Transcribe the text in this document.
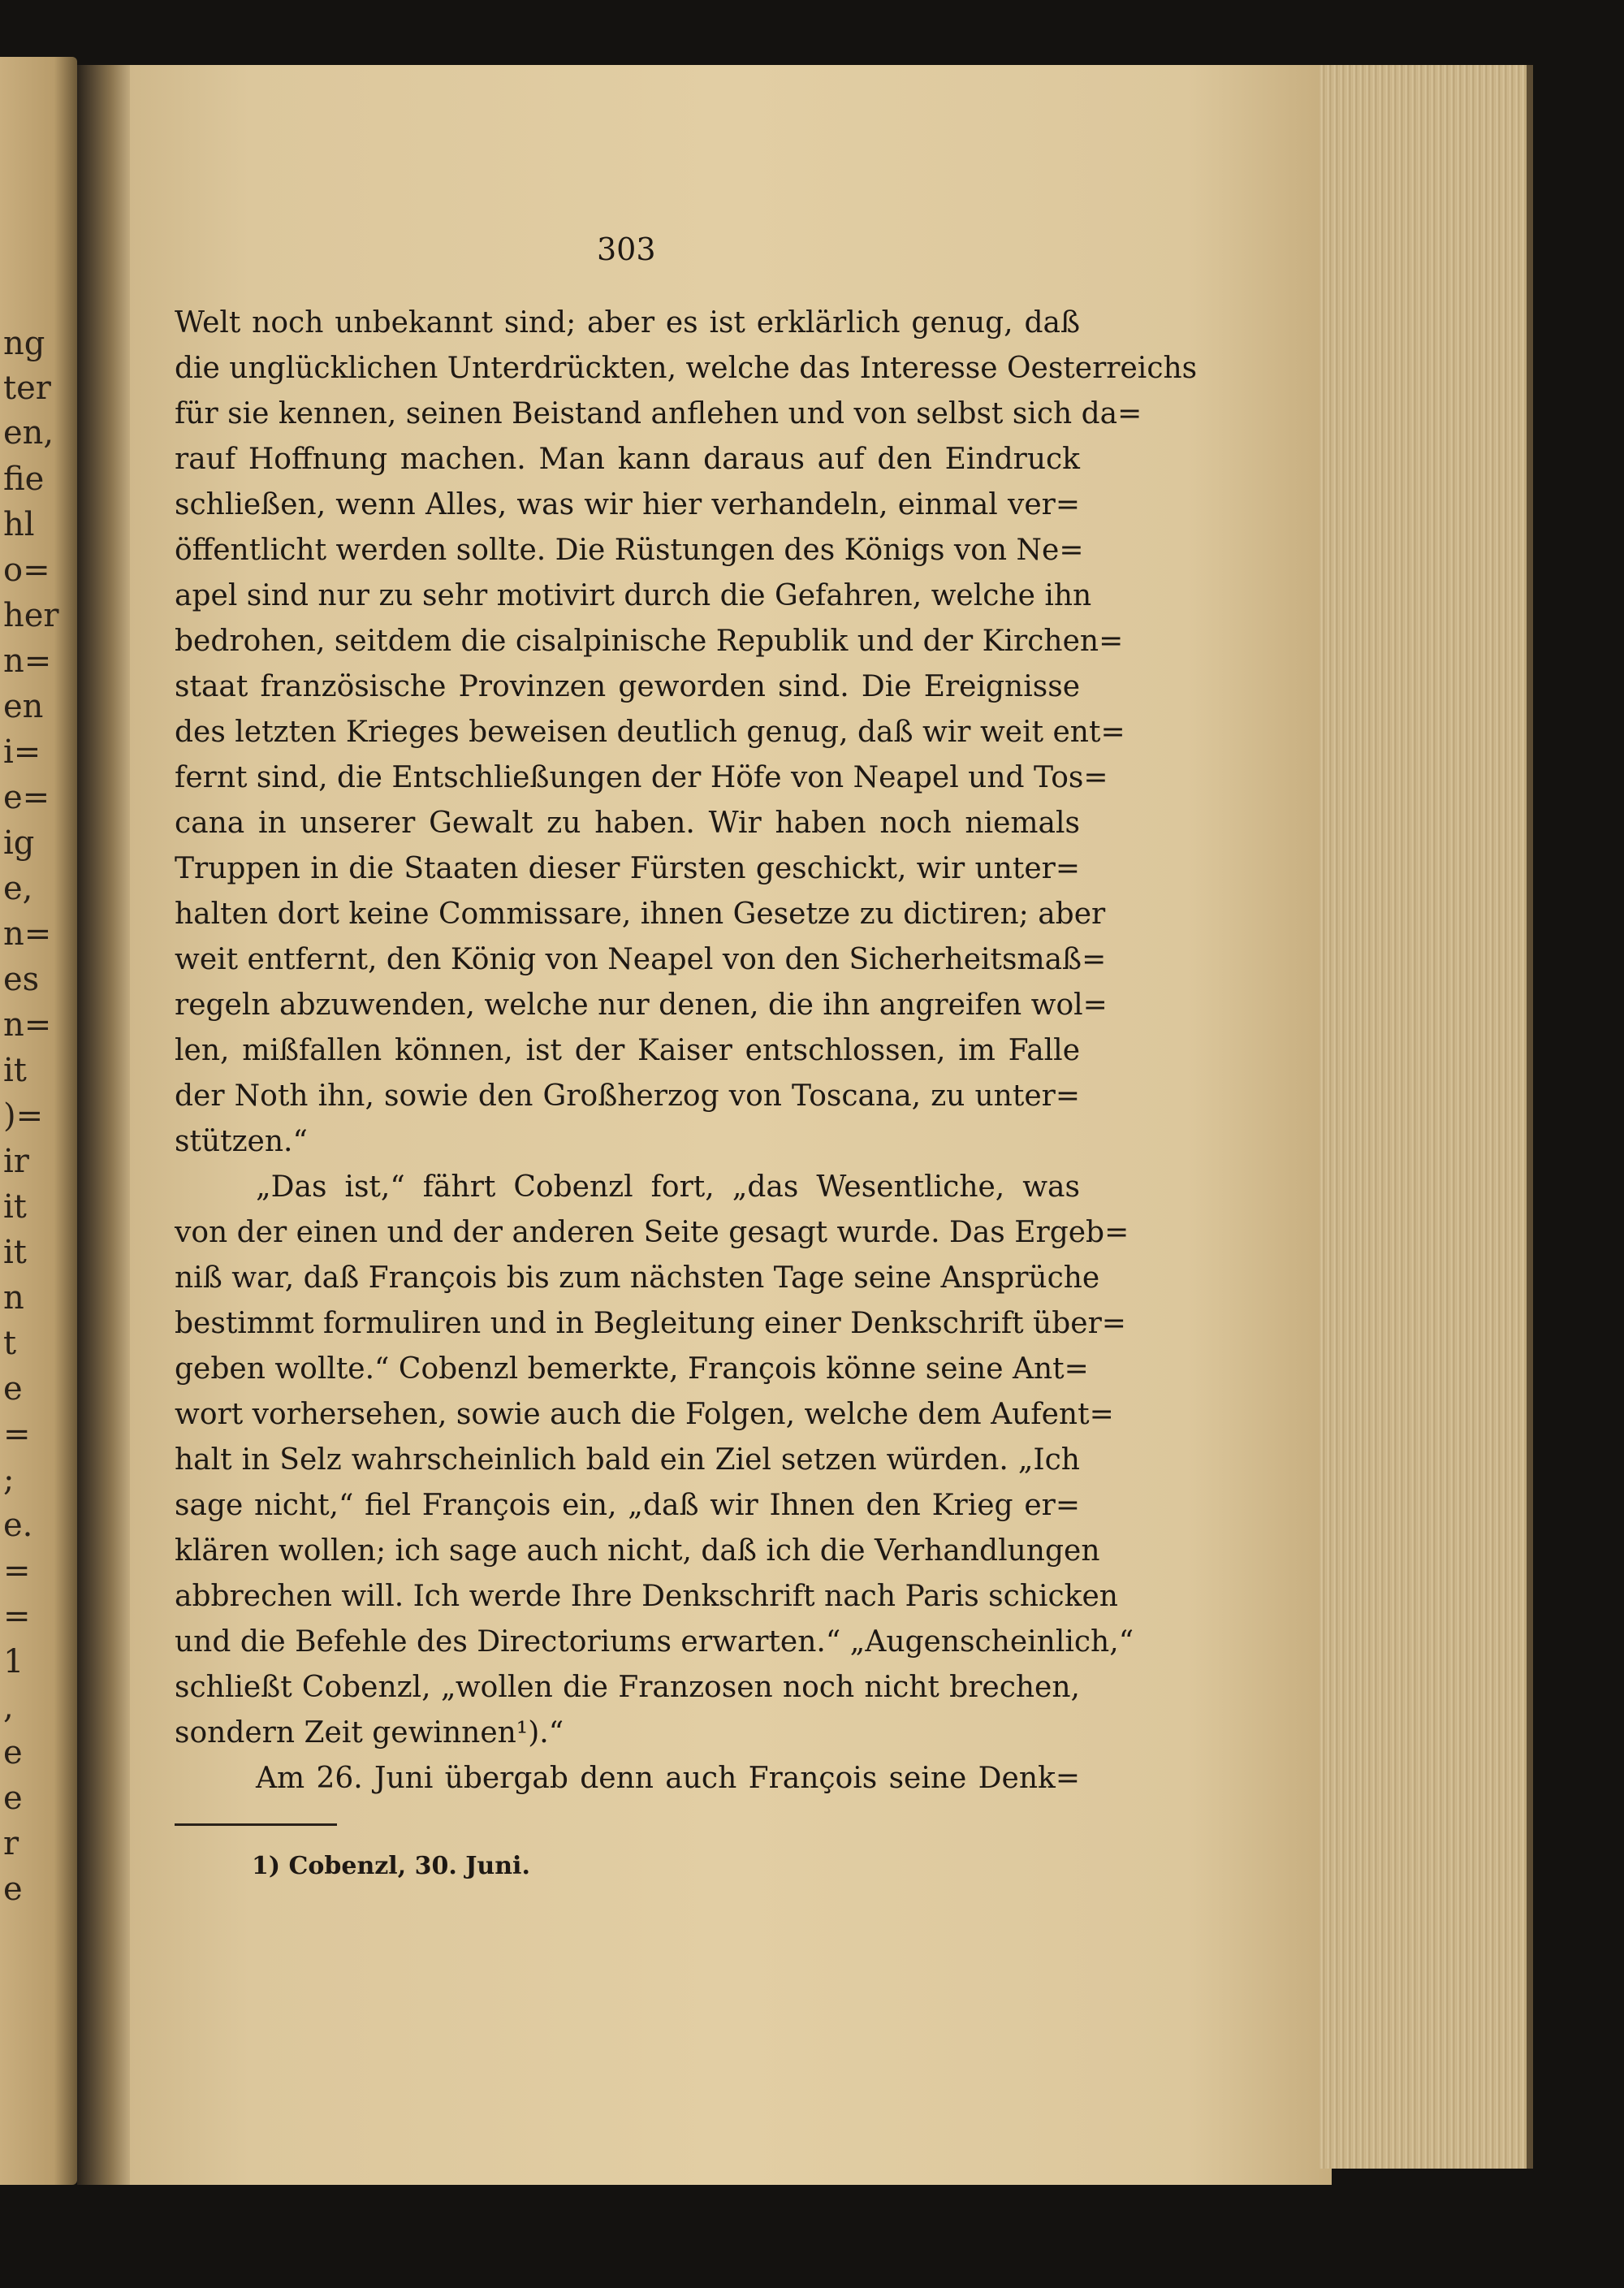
ng
ter
en,
fie
hl
o=
her
n=
en
i=
e=
ig
e,
n=
es
n=
it
)=
ir
it
it
n
t
e
=
;
e.
=
=
1
,
e
e
r
e
303
Welt noch unbekannt sind; aber es ist erklärlich genug, daß
die unglücklichen Unterdrückten, welche das Interesse Oesterreichs
für sie kennen, seinen Beistand anflehen und von selbst sich da=
rauf Hoffnung machen. Man kann daraus auf den Eindruck
schließen, wenn Alles, was wir hier verhandeln, einmal ver=
öffentlicht werden sollte. Die Rüstungen des Königs von Ne=
apel sind nur zu sehr motivirt durch die Gefahren, welche ihn
bedrohen, seitdem die cisalpinische Republik und der Kirchen=
staat französische Provinzen geworden sind. Die Ereignisse
des letzten Krieges beweisen deutlich genug, daß wir weit ent=
fernt sind, die Entschließungen der Höfe von Neapel und Tos=
cana in unserer Gewalt zu haben. Wir haben noch niemals
Truppen in die Staaten dieser Fürsten geschickt, wir unter=
halten dort keine Commissare, ihnen Gesetze zu dictiren; aber
weit entfernt, den König von Neapel von den Sicherheitsmaß=
regeln abzuwenden, welche nur denen, die ihn angreifen wol=
len, mißfallen können, ist der Kaiser entschlossen, im Falle
der Noth ihn, sowie den Großherzog von Toscana, zu unter=
stützen.“
„Das ist,“ fährt Cobenzl fort, „das Wesentliche, was
von der einen und der anderen Seite gesagt wurde. Das Ergeb=
niß war, daß François bis zum nächsten Tage seine Ansprüche
bestimmt formuliren und in Begleitung einer Denkschrift über=
geben wollte.“ Cobenzl bemerkte, François könne seine Ant=
wort vorhersehen, sowie auch die Folgen, welche dem Aufent=
halt in Selz wahrscheinlich bald ein Ziel setzen würden. „Ich
sage nicht,“ fiel François ein, „daß wir Ihnen den Krieg er=
klären wollen; ich sage auch nicht, daß ich die Verhandlungen
abbrechen will. Ich werde Ihre Denkschrift nach Paris schicken
und die Befehle des Directoriums erwarten.“ „Augenscheinlich,“
schließt Cobenzl, „wollen die Franzosen noch nicht brechen,
sondern Zeit gewinnen¹).“
Am 26. Juni übergab denn auch François seine Denk=
1) Cobenzl, 30. Juni.
